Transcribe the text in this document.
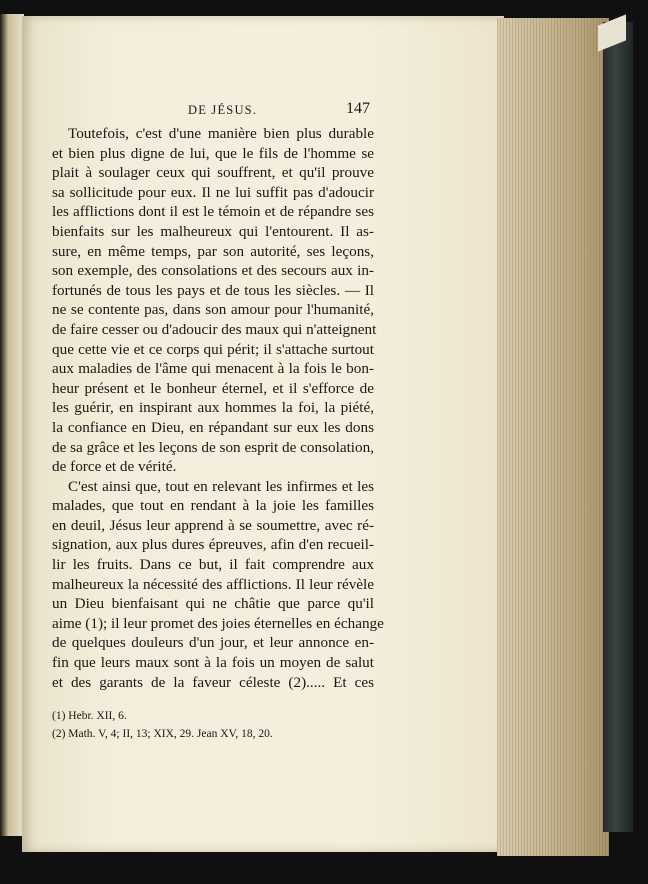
DE JÉSUS.	147
Toutefois, c'est d'une manière bien plus durable
et bien plus digne de lui, que le fils de l'homme se
plait à soulager ceux qui souffrent, et qu'il prouve
sa sollicitude pour eux. Il ne lui suffit pas d'adoucir
les afflictions dont il est le témoin et de répandre ses
bienfaits sur les malheureux qui l'entourent. Il as-
sure, en même temps, par son autorité, ses leçons,
son exemple, des consolations et des secours aux in-
fortunés de tous les pays et de tous les siècles. — Il
ne se contente pas, dans son amour pour l'humanité,
de faire cesser ou d'adoucir des maux qui n'atteignent
que cette vie et ce corps qui périt; il s'attache surtout
aux maladies de l'âme qui menacent à la fois le bon-
heur présent et le bonheur éternel, et il s'efforce de
les guérir, en inspirant aux hommes la foi, la piété,
la confiance en Dieu, en répandant sur eux les dons
de sa grâce et les leçons de son esprit de consolation,
de force et de vérité.
C'est ainsi que, tout en relevant les infirmes et les
malades, que tout en rendant à la joie les familles
en deuil, Jésus leur apprend à se soumettre, avec ré-
signation, aux plus dures épreuves, afin d'en recueil-
lir les fruits. Dans ce but, il fait comprendre aux
malheureux la nécessité des afflictions. Il leur révèle
un Dieu bienfaisant qui ne châtie que parce qu'il
aime (1); il leur promet des joies éternelles en échange
de quelques douleurs d'un jour, et leur annonce en-
fin que leurs maux sont à la fois un moyen de salut
et des garants de la faveur céleste (2)..... Et ces
(1) Hebr. XII, 6.
(2) Math. V, 4; II, 13; XIX, 29. Jean XV, 18, 20.
